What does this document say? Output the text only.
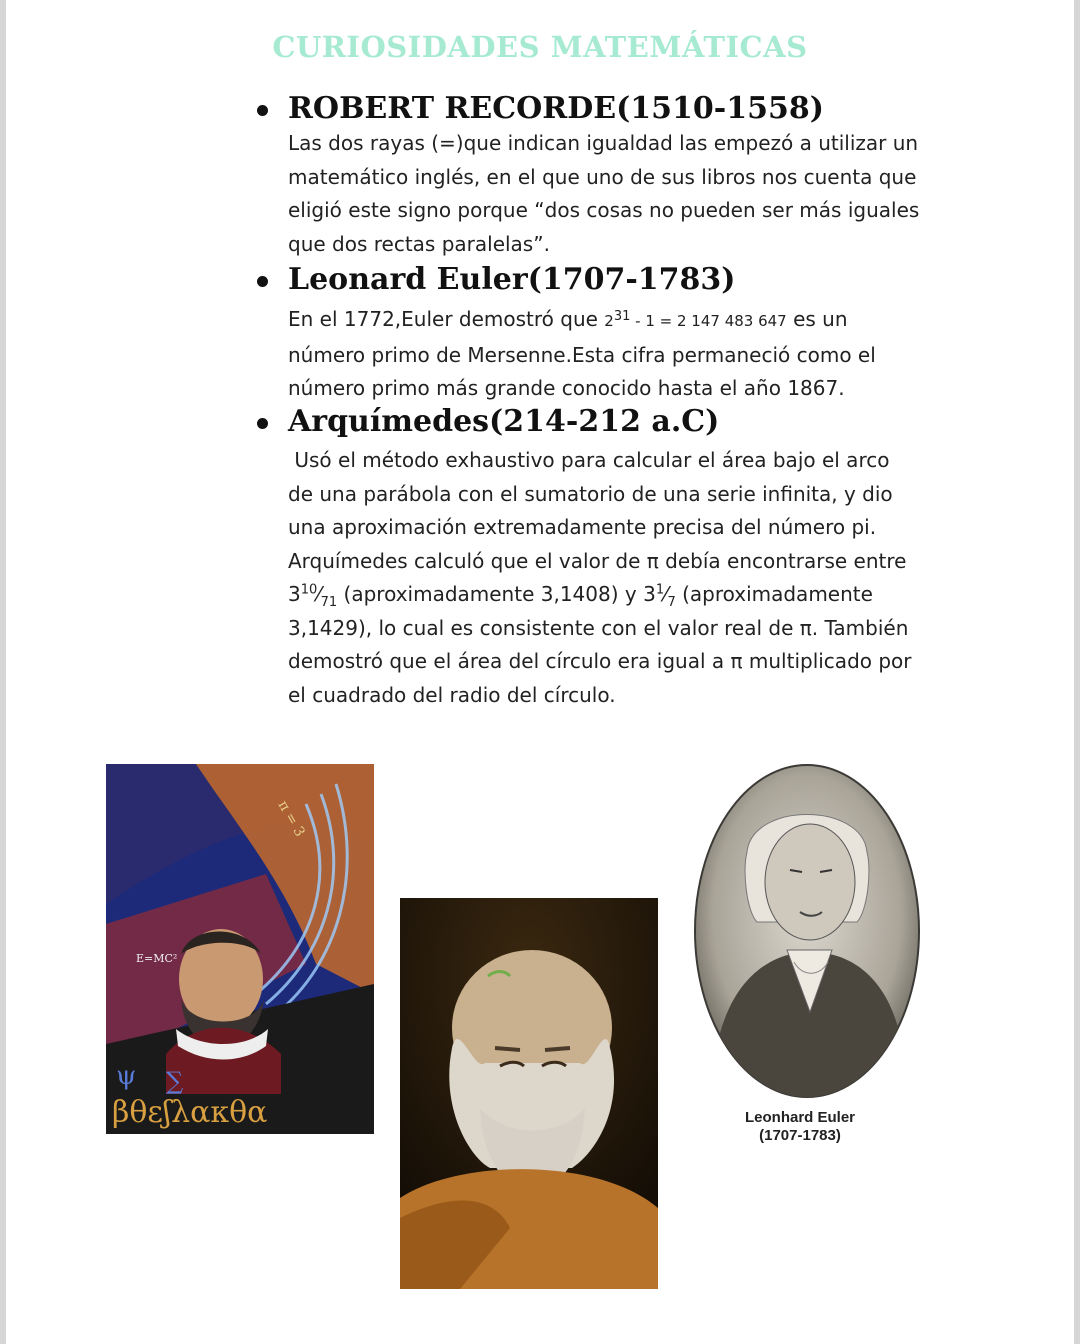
CURIOSIDADES MATEMÁTICAS
ROBERT RECORDE(1510-1558)
Las dos rayas (=)que indican igualdad las empezó a utilizar un
matemático inglés, en el que uno de sus libros nos cuenta que
eligió este signo porque “dos cosas no pueden ser más iguales
que dos rectas paralelas”.
Leonard Euler(1707-1783)
En el 1772,Euler demostró que $2^{31} - 1 = 2$ 147 483 647 es un
número primo de Mersenne.Esta cifra permaneció como el
número primo más grande conocido hasta el año 1867.
Arquímedes(214-212 a.C)
Usó el método exhaustivo para calcular el área bajo el arco
de una parábola con el sumatorio de una serie infinita, y dio
una aproximación extremadamente precisa del número pi.
Arquímedes calculó que el valor de π debía encontrarse entre
$3^{10}⁄_{71}$ (aproximadamente 3,1408) y $3^1⁄_7$ (aproximadamente
3,1429), lo cual es consistente con el valor real de π. También
demostró que el área del círculo era igual a π multiplicado por
el cuadrado del radio del círculo.
π = 3
E=MC²
βθεʃλακθα
ψ ∑
Leonhard Euler
(1707-1783)
